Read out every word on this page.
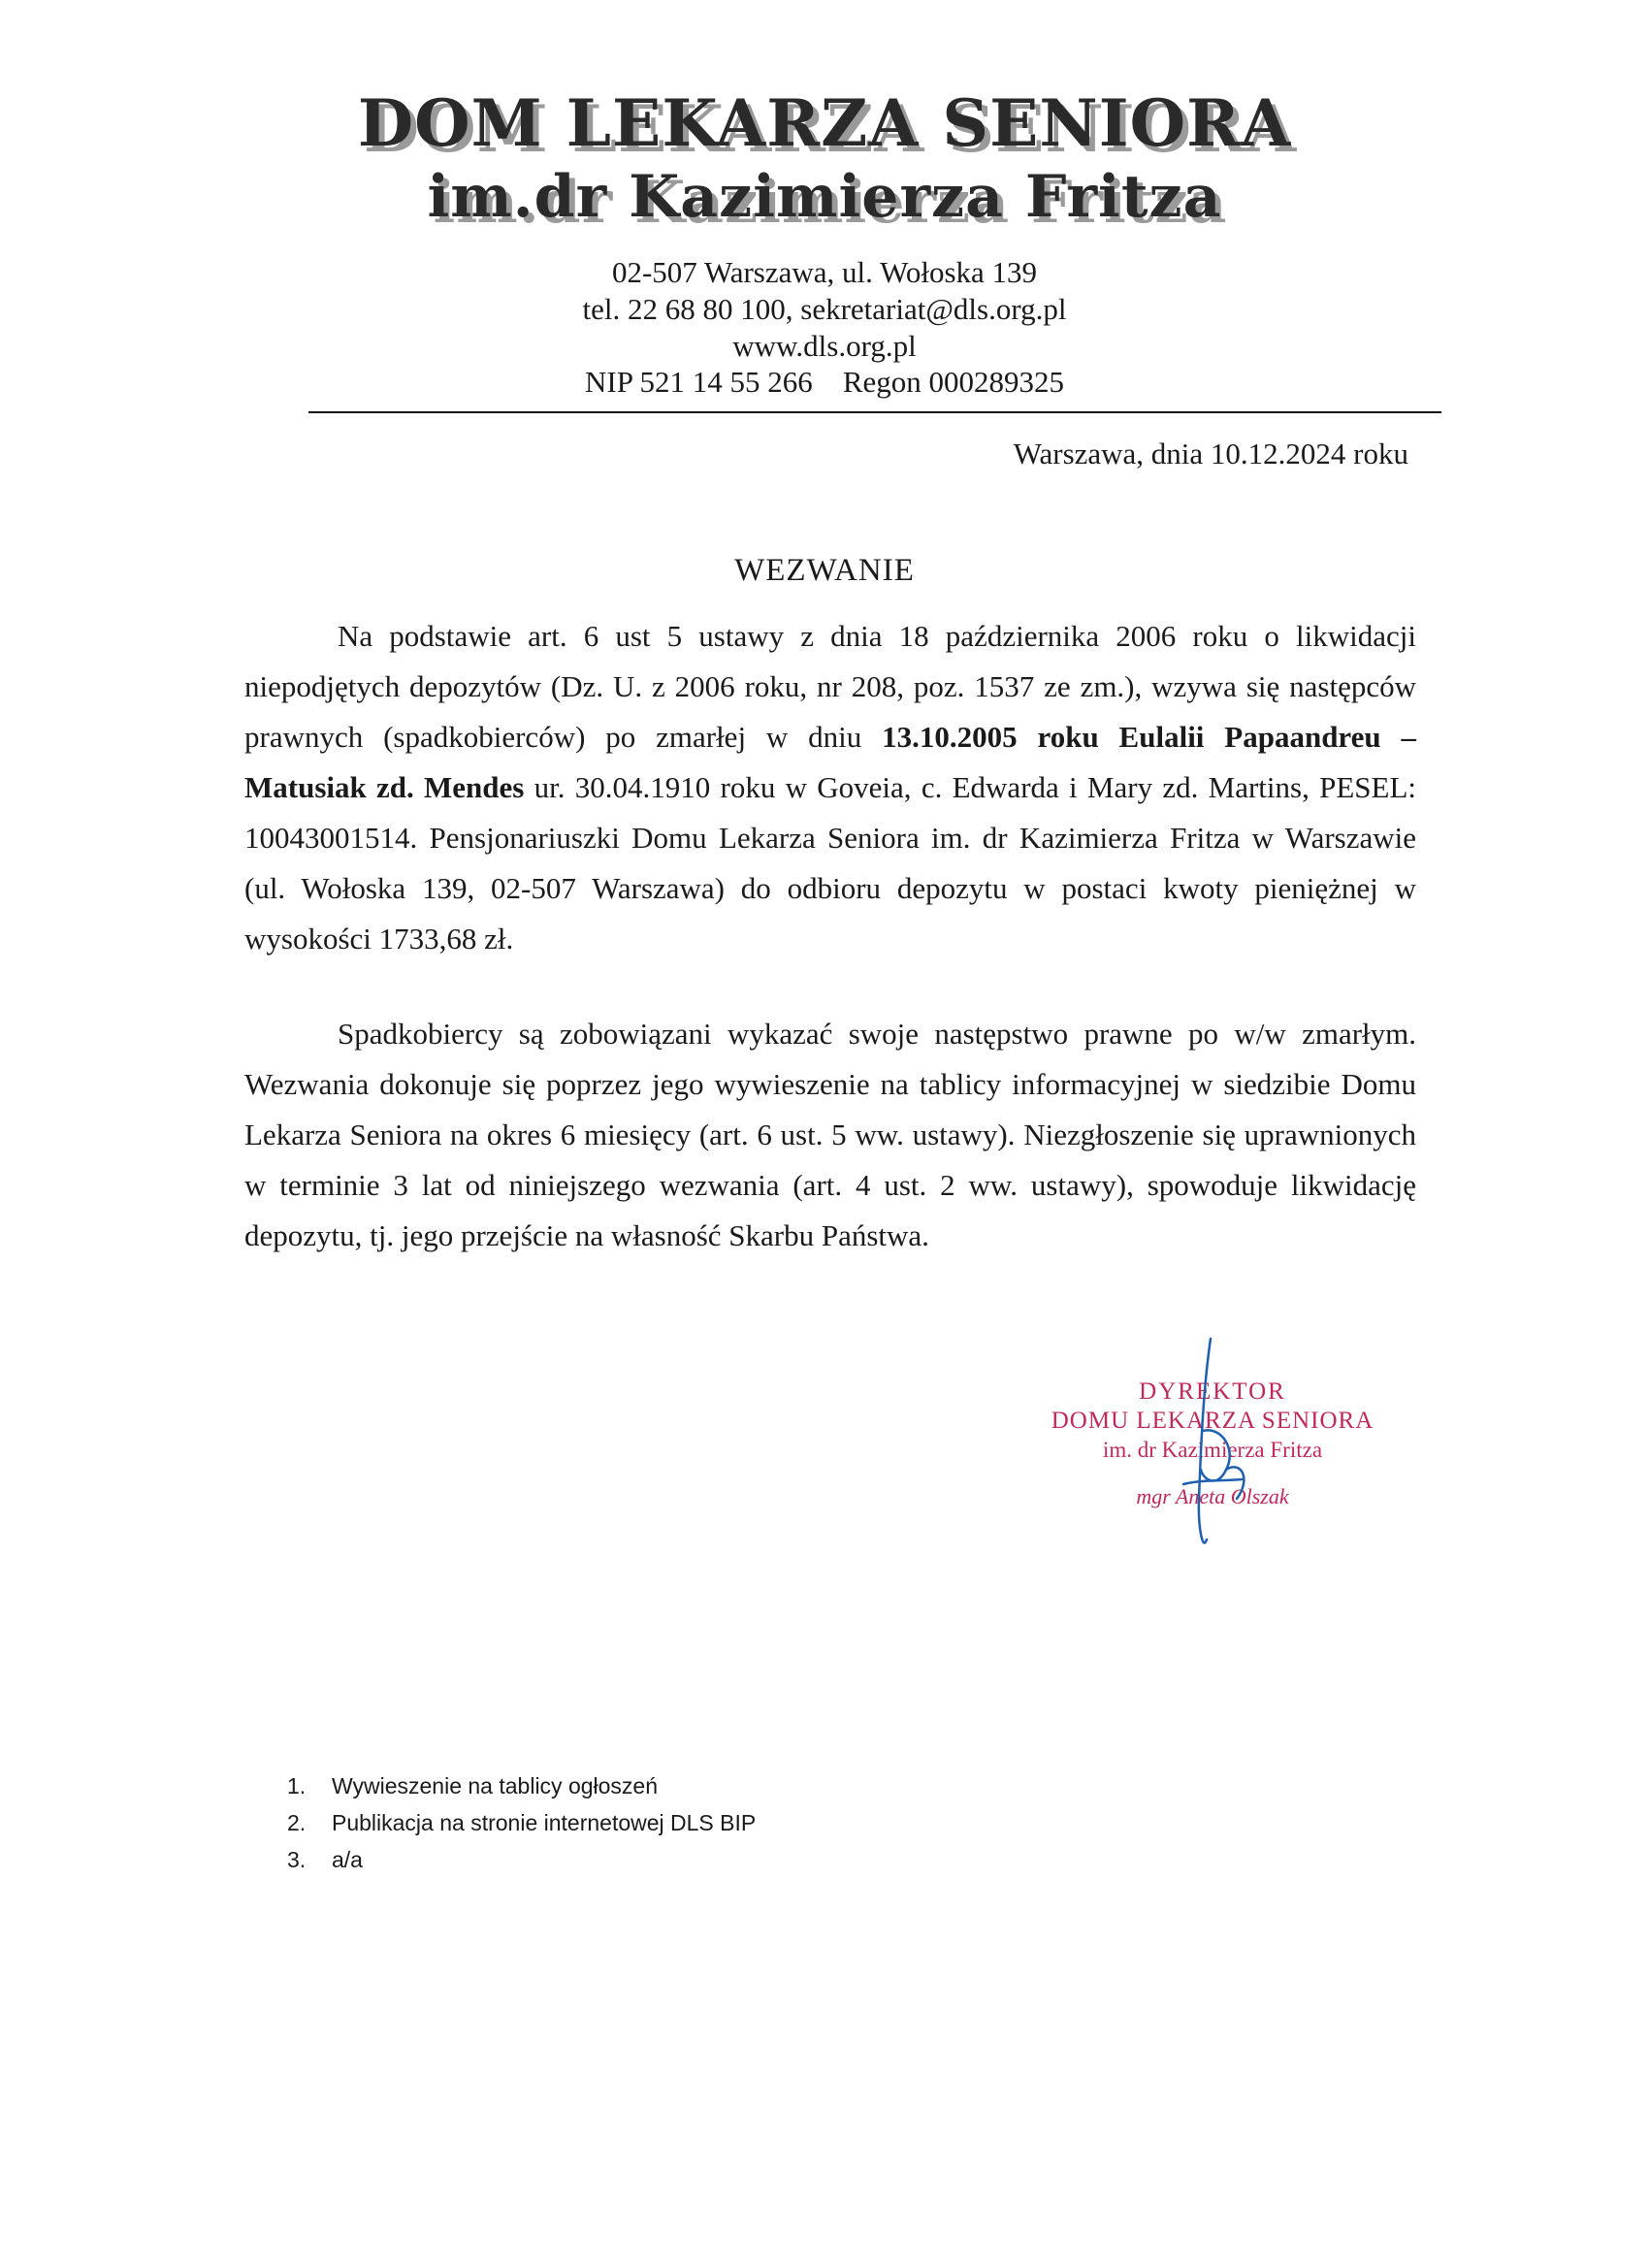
DOM LEKARZA SENIORA
im.dr Kazimierza Fritza
02-507 Warszawa, ul. Wołoska 139
tel. 22 68 80 100, sekretariat@dls.org.pl
www.dls.org.pl
NIP 521 14 55 266 Regon 000289325
Warszawa, dnia 10.12.2024 roku
WEZWANIE

Na podstawie art. 6 ust 5 ustawy z dnia 18 października 2006 roku o likwidacji niepodjętych depozytów (Dz. U. z 2006 roku, nr 208, poz. 1537 ze zm.), wzywa się następców prawnych (spadkobierców) po zmarłej w dniu 13.10.2005 roku Eulalii Papaandreu – Matusiak zd. Mendes ur. 30.04.1910 roku w Goveia, c. Edwarda i Mary zd. Martins, PESEL: 10043001514. Pensjonariuszki Domu Lekarza Seniora im. dr Kazimierza Fritza w Warszawie (ul. Wołoska 139, 02-507 Warszawa) do odbioru depozytu w postaci kwoty pieniężnej w wysokości 1733,68 zł.

Spadkobiercy są zobowiązani wykazać swoje następstwo prawne po w/w zmarłym. Wezwania dokonuje się poprzez jego wywieszenie na tablicy informacyjnej w siedzibie Domu Lekarza Seniora na okres 6 miesięcy (art. 6 ust. 5 ww. ustawy). Niezgłoszenie się uprawnionych w terminie 3 lat od niniejszego wezwania (art. 4 ust. 2 ww. ustawy), spowoduje likwidację depozytu, tj. jego przejście na własność Skarbu Państwa.

DYREKTOR
DOMU LEKARZA SENIORA
im. dr Kazimierza Fritza
mgr Aneta Olszak
1. Wywieszenie na tablicy ogłoszeń
2. Publikacja na stronie internetowej DLS BIP
3. a/a
